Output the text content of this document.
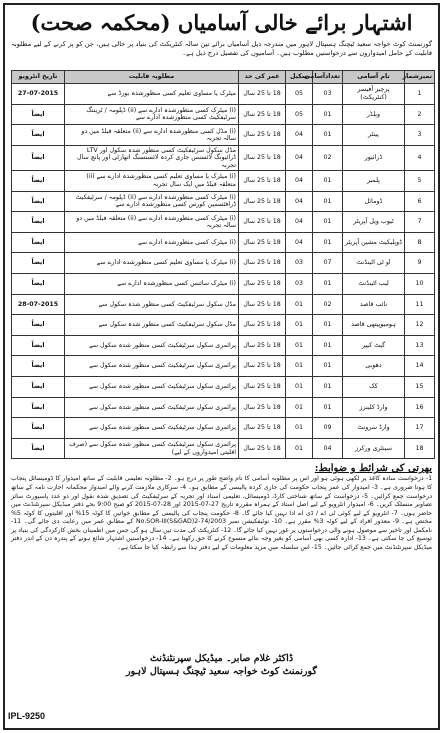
اشتہار برائے خالی آسامیاں (محکمہ صحت)
گورنمنٹ کوٹ خواجہ سعید ٹیچنگ ہسپتال لاہور میں مندرجہ ذیل آسامیاں برائے تین سالہ کنٹریکٹ کی بنیاد پر خالی ہیں، جن کو پر کرنے کے لیے مطلوبہ قابلیت کے حامل امیدواروں سے درخواستیں مطلوب ہیں۔ آسامیوں کی تفصیل درج ذیل ہے۔
نمبرشمار	نام آسامی	تعدادآسامی	سکیل	عمر کی حد	مطلوبہ قابلیت	تاریخ انٹرویو
1	پرچیز آفیسر (کنٹریکٹ)	03	05	18 تا 25 سال	میٹرک یا مساوی تعلیم کسی منظورشدہ بورڈ سے	27-07-2015
2	ویلڈر	01	05	18 تا 25 سال	(i) میٹرک کسی منظورشدہ ادارے سے (ii) ڈپلومہ / ٹریننگ سرٹیفکیٹ کسی منظورشدہ ادارے سے	ایضاً
3	پینٹر	01	04	18 تا 25 سال	(i) مڈل کسی منظورشدہ ادارے سے (ii) متعلقہ فیلڈ میں دو سالہ تجربہ	ایضاً
4	ڈرائیور	02	04	18 تا 25 سال	مڈل سکول سرٹیفکیٹ کسی منظور شدہ سکول اور LTV ڈرائیونگ لائسنس جاری کردہ لائسنسنگ اتھارٹی اور پانچ سال تجربہ	ایضاً
5	پلمبر	01	04	18 تا 25 سال	(i) میٹرک یا مساوی تعلیم کسی منظورشدہ ادارے سے (ii) متعلقہ فیلڈ میں ایک سال تجربہ	ایضاً
6	ڈومائل	01	04	18 تا 25 سال	(i) میٹرک کسی منظورشدہ ادارے سے (ii) ڈپلومہ / سرٹیفکیٹ ڈرافٹسمین کورس کسی منظورشدہ ادارے سے	ایضاً
7	ٹیوب ویل آپریٹر	01	04	18 تا 25 سال	(i) میٹرک کسی منظورشدہ ادارے سے (ii) متعلقہ فیلڈ میں دو سالہ تجربہ	ایضاً
8	ڈوپلیکیٹ مشین آپریٹر	01	04	18 تا 25 سال	(i) میٹرک کسی منظورشدہ ادارے سے	ایضاً
9	او ٹی اٹینڈنٹ	07	03	18 تا 25 سال	(i) میٹرک یا مساوی تعلیم کسی منظورشدہ ادارے سے	ایضاً
10	لیب اٹینڈنٹ	01	03	18 تا 25 سال	(i) میٹرک سائنس کسی منظورشدہ ادارے سے	ایضاً
11	نائب قاصد	02	01	18 تا 25 سال	مڈل سکول سرٹیفکیٹ کسی منظور شدہ سکول سے	28-07-2015
12	ہومیوپیتھی قاصد	01	01	18 تا 25 سال	مڈل سکول سرٹیفکیٹ کسی منظور شدہ سکول سے	ایضاً
13	گیٹ کیپر	01	01	18 تا 25 سال	پرائمری سکول سرٹیفکیٹ کسی منظور شدہ سکول سے	ایضاً
14	دھوبی	01	01	18 تا 25 سال	پرائمری سکول سرٹیفکیٹ کسی منظور شدہ سکول سے	ایضاً
15	کک	01	01	18 تا 25 سال	پرائمری سکول سرٹیفکیٹ کسی منظور شدہ سکول سے	ایضاً
16	وارڈ کلینرز	01	01	18 تا 25 سال	پرائمری سکول سرٹیفکیٹ کسی منظور شدہ سکول سے	ایضاً
17	وارڈ سرونٹ	09	01	18 تا 25 سال	پرائمری سکول سرٹیفکیٹ کسی منظور شدہ سکول سے	ایضاً
18	سینٹری ورکرز	04	01	18 تا 25 سال	پرائمری سکول سرٹیفکیٹ کسی منظور شدہ سکول سے (صرف اقلیتی امیدواروں کے لیے)	ایضاً
بھرتی کی شرائط و ضوابط:
1- درخواست سادہ کاغذ پر لکھی ہوئی ہو اور اس پر مطلوبہ آسامی کا نام واضح طور پر درج ہو۔ 2- مطلوبہ تعلیمی قابلیت کے ساتھ امیدوار کا ڈومیسائل پنجاب کا ہونا ضروری ہے۔ 3- امیدوار کی عمر پنجاب حکومت کی جاری کردہ پالیسی کے مطابق ہو۔ 4- سرکاری ملازمت کرنے والے امیدوار محکمانہ اجازت نامہ کے ساتھ درخواست جمع کرائیں۔ 5- درخواست کے ساتھ شناختی کارڈ، ڈومیسائل، تعلیمی اسناد اور تجربہ کے سرٹیفکیٹ کی تصدیق شدہ نقول اور دو عدد پاسپورٹ سائز تصاویر منسلک کریں۔ 6- امیدوار انٹرویو کے لیے اصل اسناد کے ہمراہ مقررہ تاریخ 27-07-2015 اور 28-07-2015 کو صبح 9:00 بجے دفتر میڈیکل سپرنٹنڈنٹ میں حاضر ہوں۔ 7- انٹرویو کے لیے کوئی ٹی اے / ڈی اے ادا نہیں کیا جائے گا۔ 8- حکومت پنجاب کی پالیسی کے مطابق خواتین کا کوٹہ 15% اور اقلیتوں کا کوٹہ 5% مختص ہے۔ 9- معذور افراد کے لیے کوٹہ 3% مقرر ہے۔ 10- نوٹیفکیشن نمبر No.SOR-III(S&GAD)2-74/2003 کے مطابق عمر میں رعایت دی جائے گی۔ 11- نامکمل اور تاخیر سے موصول ہونے والی درخواستوں پر غور نہیں کیا جائے گا۔ 12- کنٹریکٹ کی مدت تین سال ہو گی جس میں اطمینان بخش کارکردگی کی بنیاد پر توسیع کی جا سکتی ہے۔ 13- ادارہ کسی بھی آسامی کو بغیر وجہ بتائے منسوخ کرنے کا حق رکھتا ہے۔ 14- درخواستیں اشتہار شائع ہونے کے پندرہ دن کے اندر دفتر میڈیکل سپرنٹنڈنٹ میں جمع کرائی جائیں۔ 15- اس سلسلہ میں مزید معلومات کے لیے دفتر ہذا سے رابطہ کیا جا سکتا ہے۔
ڈاکٹر غلام صابر۔ میڈیکل سپرنٹنڈنٹ
گورنمنٹ کوٹ خواجہ سعید ٹیچنگ ہسپتال لاہور
IPL-9250
